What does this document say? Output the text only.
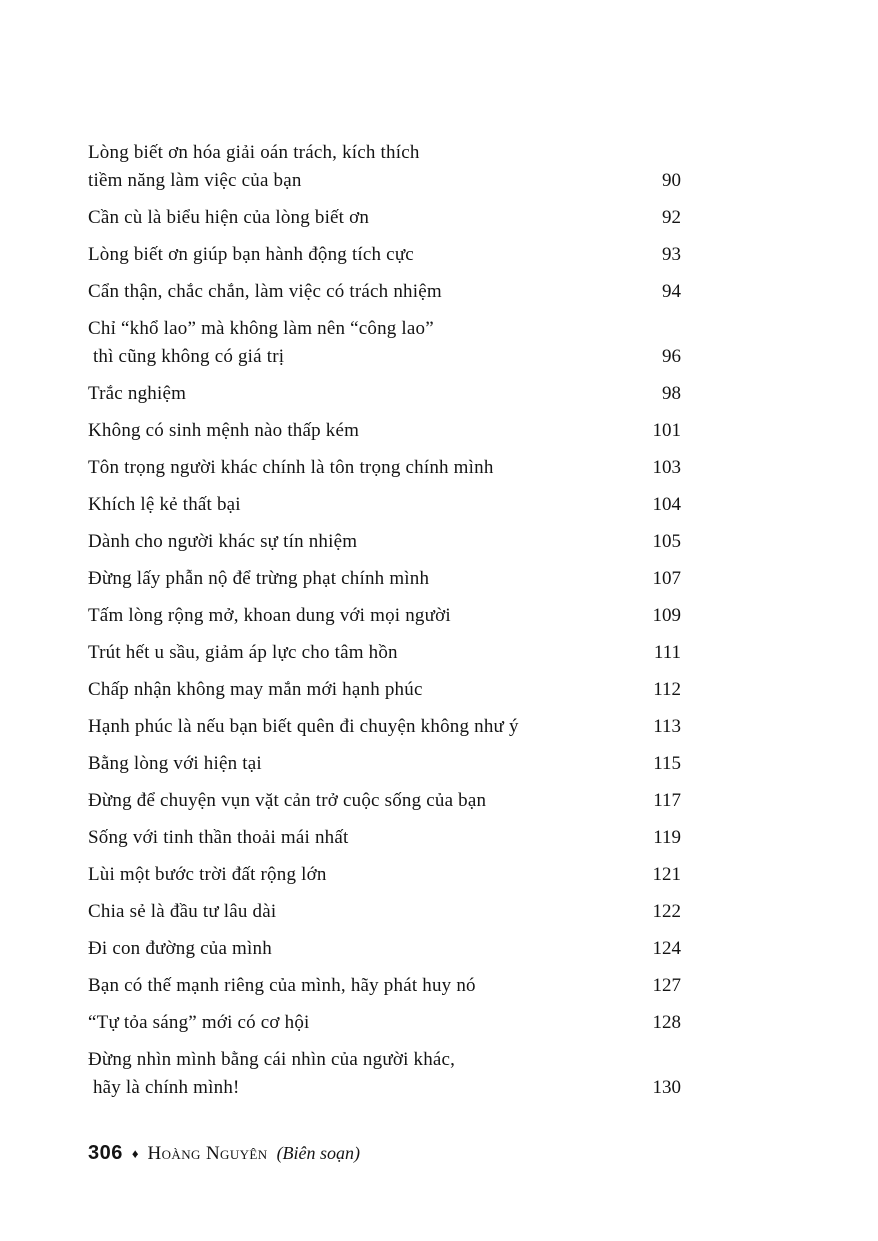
Lòng biết ơn hóa giải oán trách, kích thích
tiềm năng làm việc của bạn	90
Cần cù là biểu hiện của lòng biết ơn	92
Lòng biết ơn giúp bạn hành động tích cực	93
Cẩn thận, chắc chắn, làm việc có trách nhiệm	94
Chỉ “khổ lao” mà không làm nên “công lao”
thì cũng không có giá trị	96
Trắc nghiệm	98
Không có sinh mệnh nào thấp kém	101
Tôn trọng người khác chính là tôn trọng chính mình	103
Khích lệ kẻ thất bại	104
Dành cho người khác sự tín nhiệm	105
Đừng lấy phẫn nộ để trừng phạt chính mình	107
Tấm lòng rộng mở, khoan dung với mọi người	109
Trút hết u sầu, giảm áp lực cho tâm hồn	111
Chấp nhận không may mắn mới hạnh phúc	112
Hạnh phúc là nếu bạn biết quên đi chuyện không như ý	113
Bằng lòng với hiện tại	115
Đừng để chuyện vụn vặt cản trở cuộc sống của bạn	117
Sống với tinh thần thoải mái nhất	119
Lùi một bước trời đất rộng lớn	121
Chia sẻ là đầu tư lâu dài	122
Đi con đường của mình	124
Bạn có thế mạnh riêng của mình, hãy phát huy nó	127
“Tự tỏa sáng” mới có cơ hội	128
Đừng nhìn mình bằng cái nhìn của người khác,
hãy là chính mình!	130
306 ♦ Hoàng Nguyên (Biên soạn)
